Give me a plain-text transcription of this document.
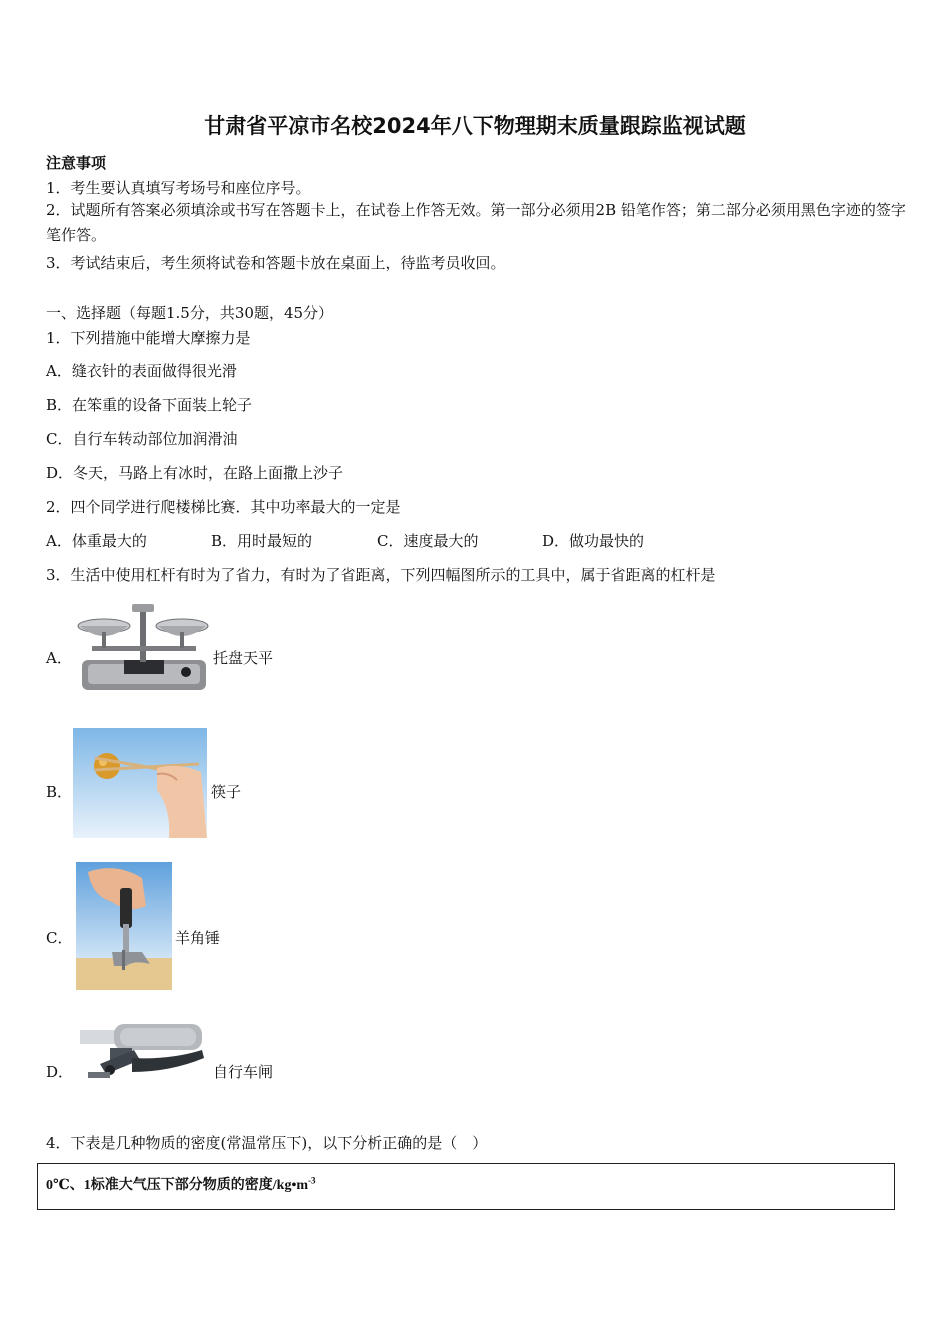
甘肃省平凉市名校2024年八下物理期末质量跟踪监视试题
注意事项
1．考生要认真填写考场号和座位序号。
2．试题所有答案必须填涂或书写在答题卡上，在试卷上作答无效。第一部分必须用2B 铅笔作答；第二部分必须用黑色字迹的签字笔作答。
3．考试结束后，考生须将试卷和答题卡放在桌面上，待监考员收回。
一、选择题（每题1.5分，共30题，45分）
1．下列措施中能增大摩擦力是
A．缝衣针的表面做得很光滑
B．在笨重的设备下面装上轮子
C．自行车转动部位加润滑油
D．冬天，马路上有冰时，在路上面撒上沙子
2．四个同学进行爬楼梯比赛．其中功率最大的一定是
A．体重最大的	B．用时最短的	C．速度最大的	D．做功最快的
3．生活中使用杠杆有时为了省力，有时为了省距离，下列四幅图所示的工具中，属于省距离的杠杆是
A．	托盘天平
B．	筷子
C．	羊角锤
D．	自行车闸
4．下表是几种物质的密度(常温常压下)，以下分析正确的是（　）
0℃、1标准大气压下部分物质的密度$/kg•m^{-3}$
